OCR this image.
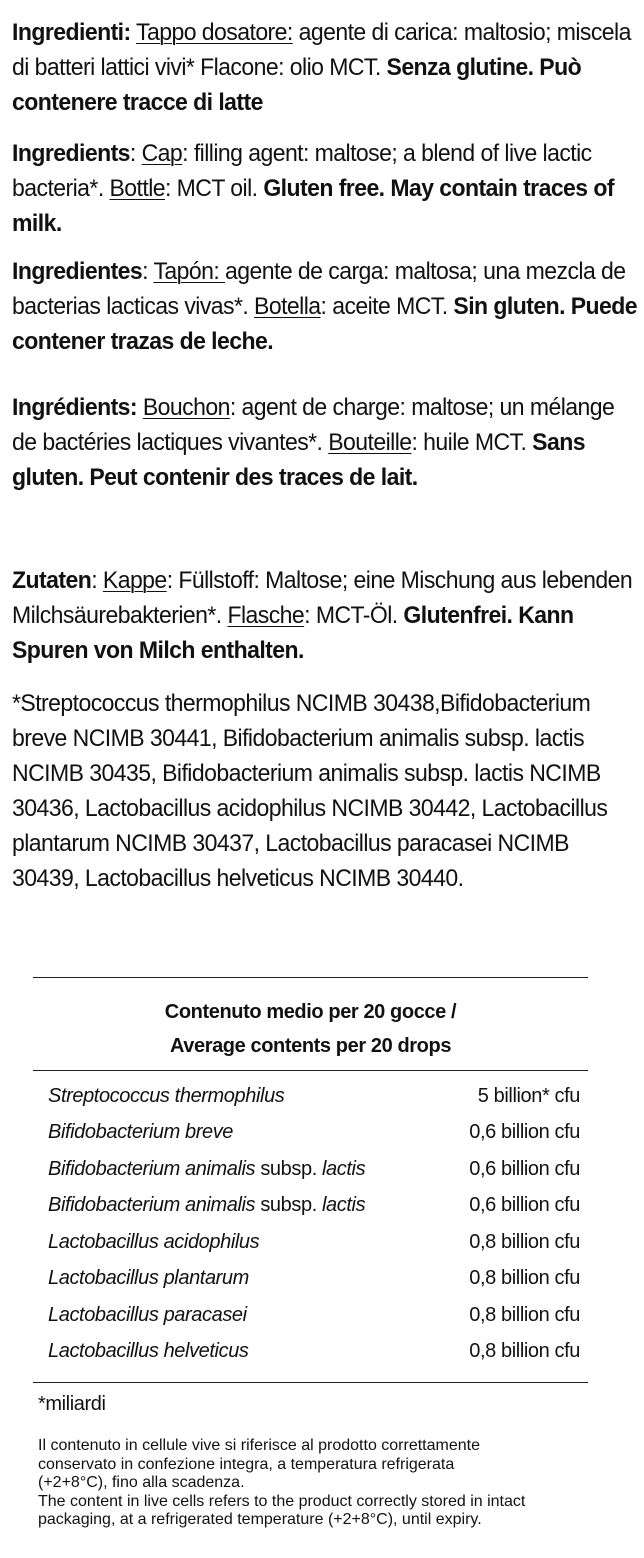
Ingredienti: Tappo dosatore: agente di carica: maltosio; miscela di batteri lattici vivi* Flacone: olio MCT. Senza glutine. Può contenere tracce di latte
Ingredients: Cap: filling agent: maltose; a blend of live lactic bacteria*. Bottle: MCT oil. Gluten free. May contain traces of milk.
Ingredientes: Tapón: agente de carga: maltosa; una mezcla de bacterias lacticas vivas*. Botella: aceite MCT. Sin gluten. Puede contener trazas de leche.
Ingrédients: Bouchon: agent de charge: maltose; un mélange de bactéries lactiques vivantes*. Bouteille: huile MCT. Sans gluten. Peut contenir des traces de lait.
Zutaten: Kappe: Füllstoff: Maltose; eine Mischung aus lebenden Milchsäurebakterien*. Flasche: MCT-Öl. Glutenfrei. Kann Spuren von Milch enthalten.
*Streptococcus thermophilus NCIMB 30438,Bifidobacterium breve NCIMB 30441, Bifidobacterium animalis subsp. lactis NCIMB 30435, Bifidobacterium animalis subsp. lactis NCIMB 30436, Lactobacillus acidophilus NCIMB 30442, Lactobacillus plantarum NCIMB 30437, Lactobacillus paracasei NCIMB 30439, Lactobacillus helveticus NCIMB 30440.
Contenuto medio per 20 gocce /
Average contents per 20 drops
Streptococcus thermophilus	5 billion* cfu
Bifidobacterium breve	0,6 billion cfu
Bifidobacterium animalis subsp. lactis	0,6 billion cfu
Bifidobacterium animalis subsp. lactis	0,6 billion cfu
Lactobacillus acidophilus	0,8 billion cfu
Lactobacillus plantarum	0,8 billion cfu
Lactobacillus paracasei	0,8 billion cfu
Lactobacillus helveticus	0,8 billion cfu
*miliardi
Il contenuto in cellule vive si riferisce al prodotto correttamente
conservato in confezione integra, a temperatura refrigerata
(+2+8°C), fino alla scadenza.
The content in live cells refers to the product correctly stored in intact
packaging, at a refrigerated temperature (+2+8°C), until expiry.
